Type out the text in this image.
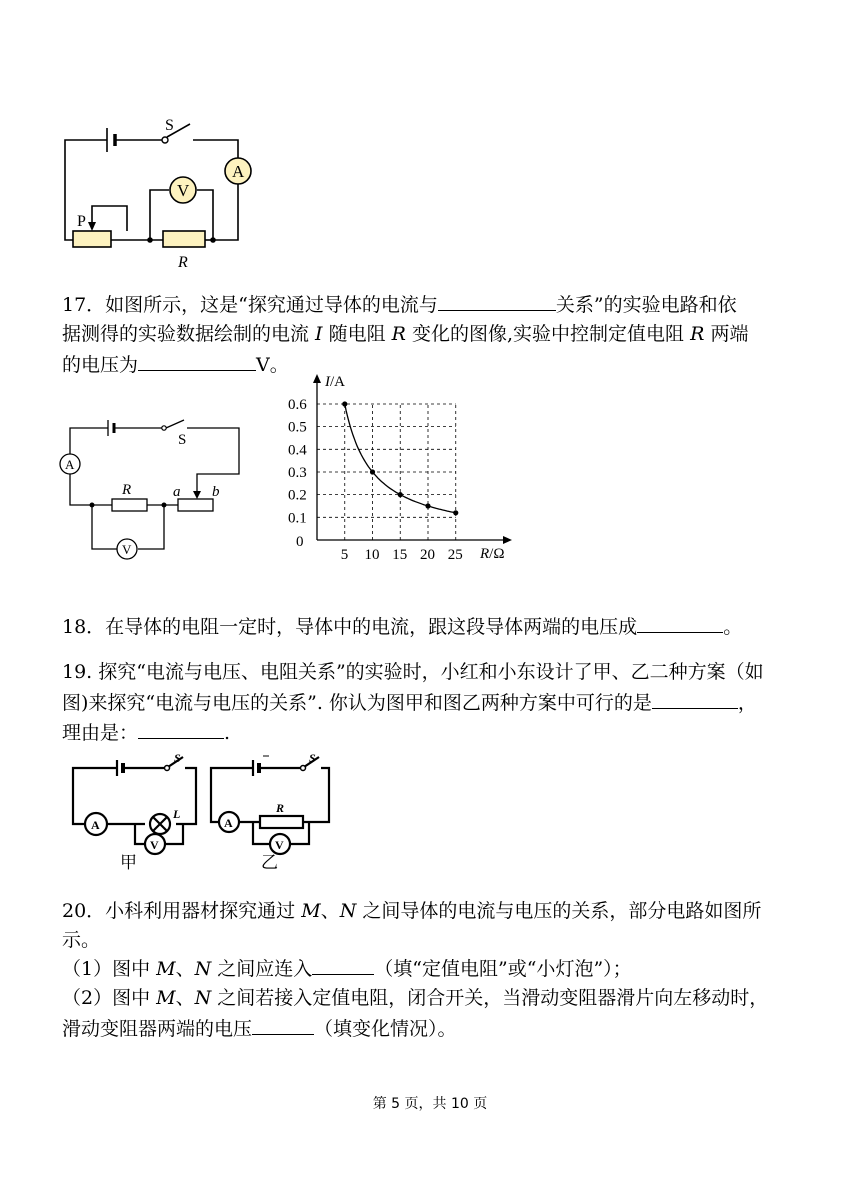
S
A
V
P
R
17．如图所示，这是“探究通过导体的电流与	关系”的实验电路和依
据测得的实验数据绘制的电流 I 随电阻 R 变化的图像,实验中控制定值电阻 R 两端
的电压为	V。
S
A
V
R	a b
I/A
R/Ω
0
5 10 15 20 25
0.1
0.2
0.3
0.4
0.5
0.6
18．在导体的电阻一定时，导体中的电流，跟这段导体两端的电压成	。
19. 探究“电流与电压、电阻关系”的实验时，小红和小东设计了甲、乙二种方案（如
图)来探究“电流与电压的关系”. 你认为图甲和图乙两种方案中可行的是	，
理由是：	.
S
A
V
L
甲
S
A
V
R
乙
20．小科利用器材探究通过 M、N 之间导体的电流与电压的关系，部分电路如图所
示。
（1）图中 M、N 之间应连入	（填“定值电阻”或“小灯泡”）；
（2）图中 M、N 之间若接入定值电阻，闭合开关，当滑动变阻器滑片向左移动时，
滑动变阻器两端的电压	（填变化情况）。
第 5 页，共 10 页
